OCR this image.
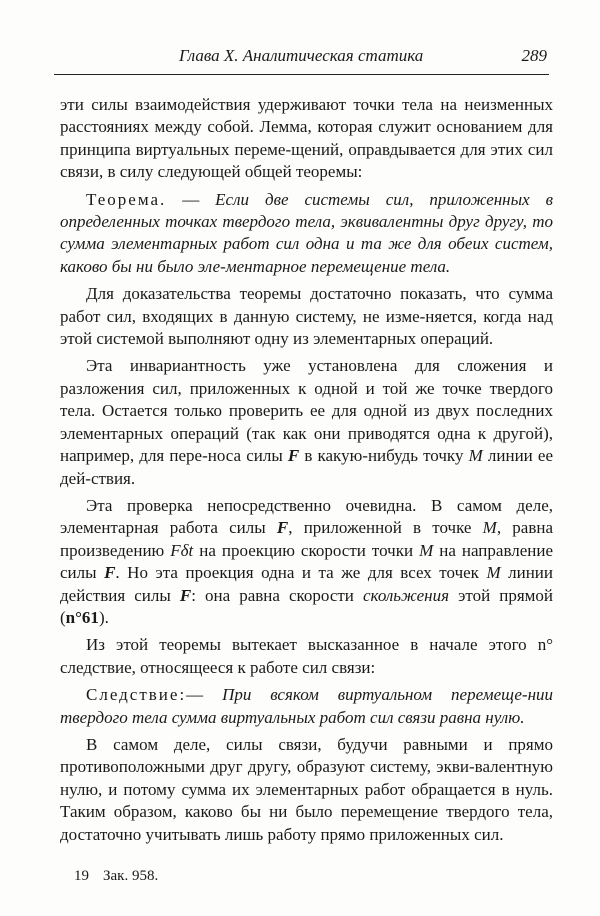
Глава X. Аналитическая статика	289

эти силы взаимодействия удерживают точки тела на неизменных расстояниях между собой. Лемма, которая служит основанием для принципа виртуальных переме-щений, оправдывается для этих сил связи, в силу следующей общей теоремы:

Теорема. — Если две системы сил, приложенных в определенных точках твердого тела, эквивалентны друг другу, то сумма элементарных работ сил одна и та же для обеих систем, каково бы ни было эле-ментарное перемещение тела.

Для доказательства теоремы достаточно показать, что сумма работ сил, входящих в данную систему, не изме-няется, когда над этой системой выполняют одну из элементарных операций.

Эта инвариантность уже установлена для сложения и разложения сил, приложенных к одной и той же точке твердого тела. Остается только проверить ее для одной из двух последних элементарных операций (так как они приводятся одна к другой), например, для пере-носа силы F в какую-нибудь точку M линии ее дей-ствия.

Эта проверка непосредственно очевидна. В самом деле, элементарная работа силы F, приложенной в точке M, равна произведению Fδt на проекцию скорости точки M на направление силы F. Но эта проекция одна и та же для всех точек M линии действия силы F: она равна скорости скольжения этой прямой (n°61).

Из этой теоремы вытекает высказанное в начале этого n° следствие, относящееся к работе сил связи:

Следствие:— При всяком виртуальном перемеще-нии твердого тела сумма виртуальных работ сил связи равна нулю.

В самом деле, силы связи, будучи равными и прямо противоположными друг другу, образуют систему, экви-валентную нулю, и потому сумма их элементарных работ обращается в нуль. Таким образом, каково бы ни было перемещение твердого тела, достаточно учитывать лишь работу прямо приложенных сил.

19 Зак. 958.
